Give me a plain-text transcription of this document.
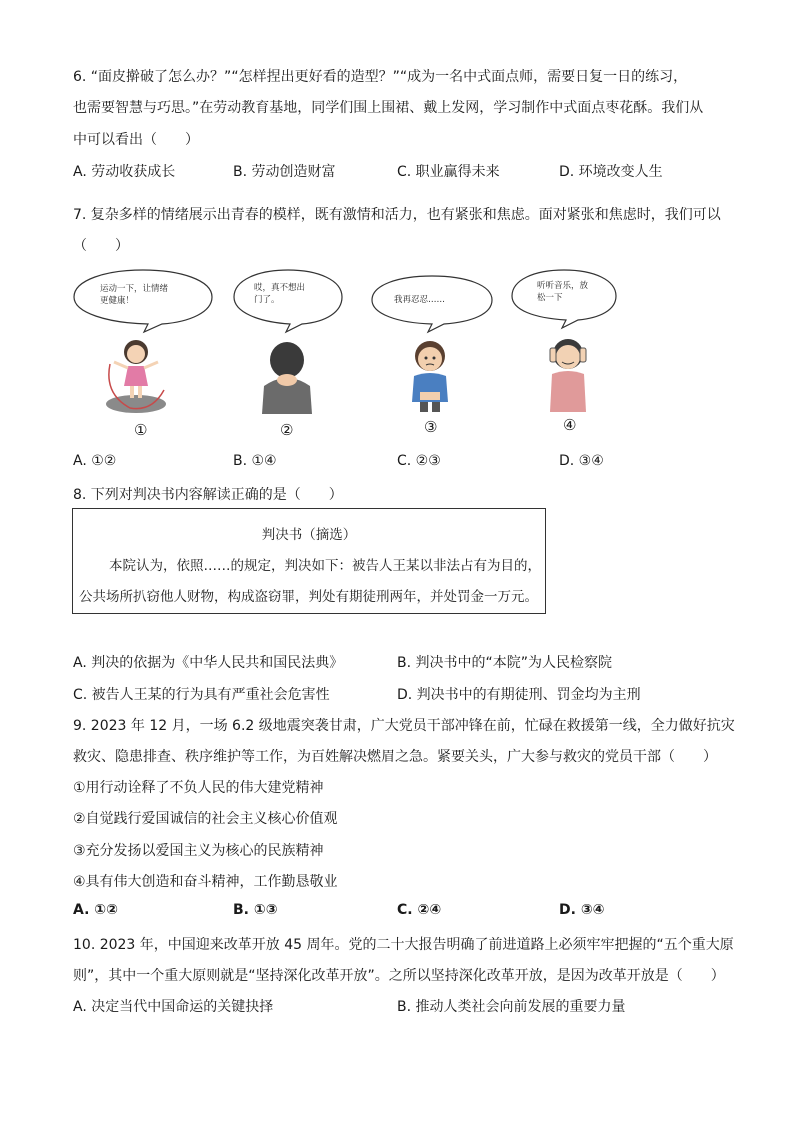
6. “面皮擀破了怎么办？”“怎样捏出更好看的造型？”“成为一名中式面点师，需要日复一日的练习，
也需要智慧与巧思。”在劳动教育基地，同学们围上围裙、戴上发网，学习制作中式面点枣花酥。我们从
中可以看出（　　）
A. 劳动收获成长	B. 劳动创造财富	C. 职业赢得未来	D. 环境改变人生
7. 复杂多样的情绪展示出青春的模样，既有激情和活力，也有紧张和焦虑。面对紧张和焦虑时，我们可以
（　　）
运动一下，让情绪
更健康！
①
哎，真不想出
门了。
②
我再忍忍……
③
听听音乐，放
松一下
④
A. ①②	B. ①④	C. ②③	D. ③④
8. 下列对判决书内容解读正确的是（　　）
判决书（摘选）
本院认为，依照……的规定，判决如下：被告人王某以非法占有为目的，
公共场所扒窃他人财物，构成盗窃罪，判处有期徒刑两年，并处罚金一万元。
A. 判决的依据为《中华人民共和国民法典》	B. 判决书中的“本院”为人民检察院
C. 被告人王某的行为具有严重社会危害性	D. 判决书中的有期徒刑、罚金均为主刑
9. 2023 年 12 月，一场 6.2 级地震突袭甘肃，广大党员干部冲锋在前，忙碌在救援第一线，全力做好抗灾
救灾、隐患排查、秩序维护等工作，为百姓解决燃眉之急。紧要关头，广大参与救灾的党员干部（　　）
①用行动诠释了不负人民的伟大建党精神
②自觉践行爱国诚信的社会主义核心价值观
③充分发扬以爱国主义为核心的民族精神
④具有伟大创造和奋斗精神，工作勤恳敬业
A. ①②	B. ①③	C. ②④	D. ③④
10. 2023 年，中国迎来改革开放 45 周年。党的二十大报告明确了前进道路上必须牢牢把握的“五个重大原
则”，其中一个重大原则就是“坚持深化改革开放”。之所以坚持深化改革开放，是因为改革开放是（　　）
A. 决定当代中国命运的关键抉择	B. 推动人类社会向前发展的重要力量
